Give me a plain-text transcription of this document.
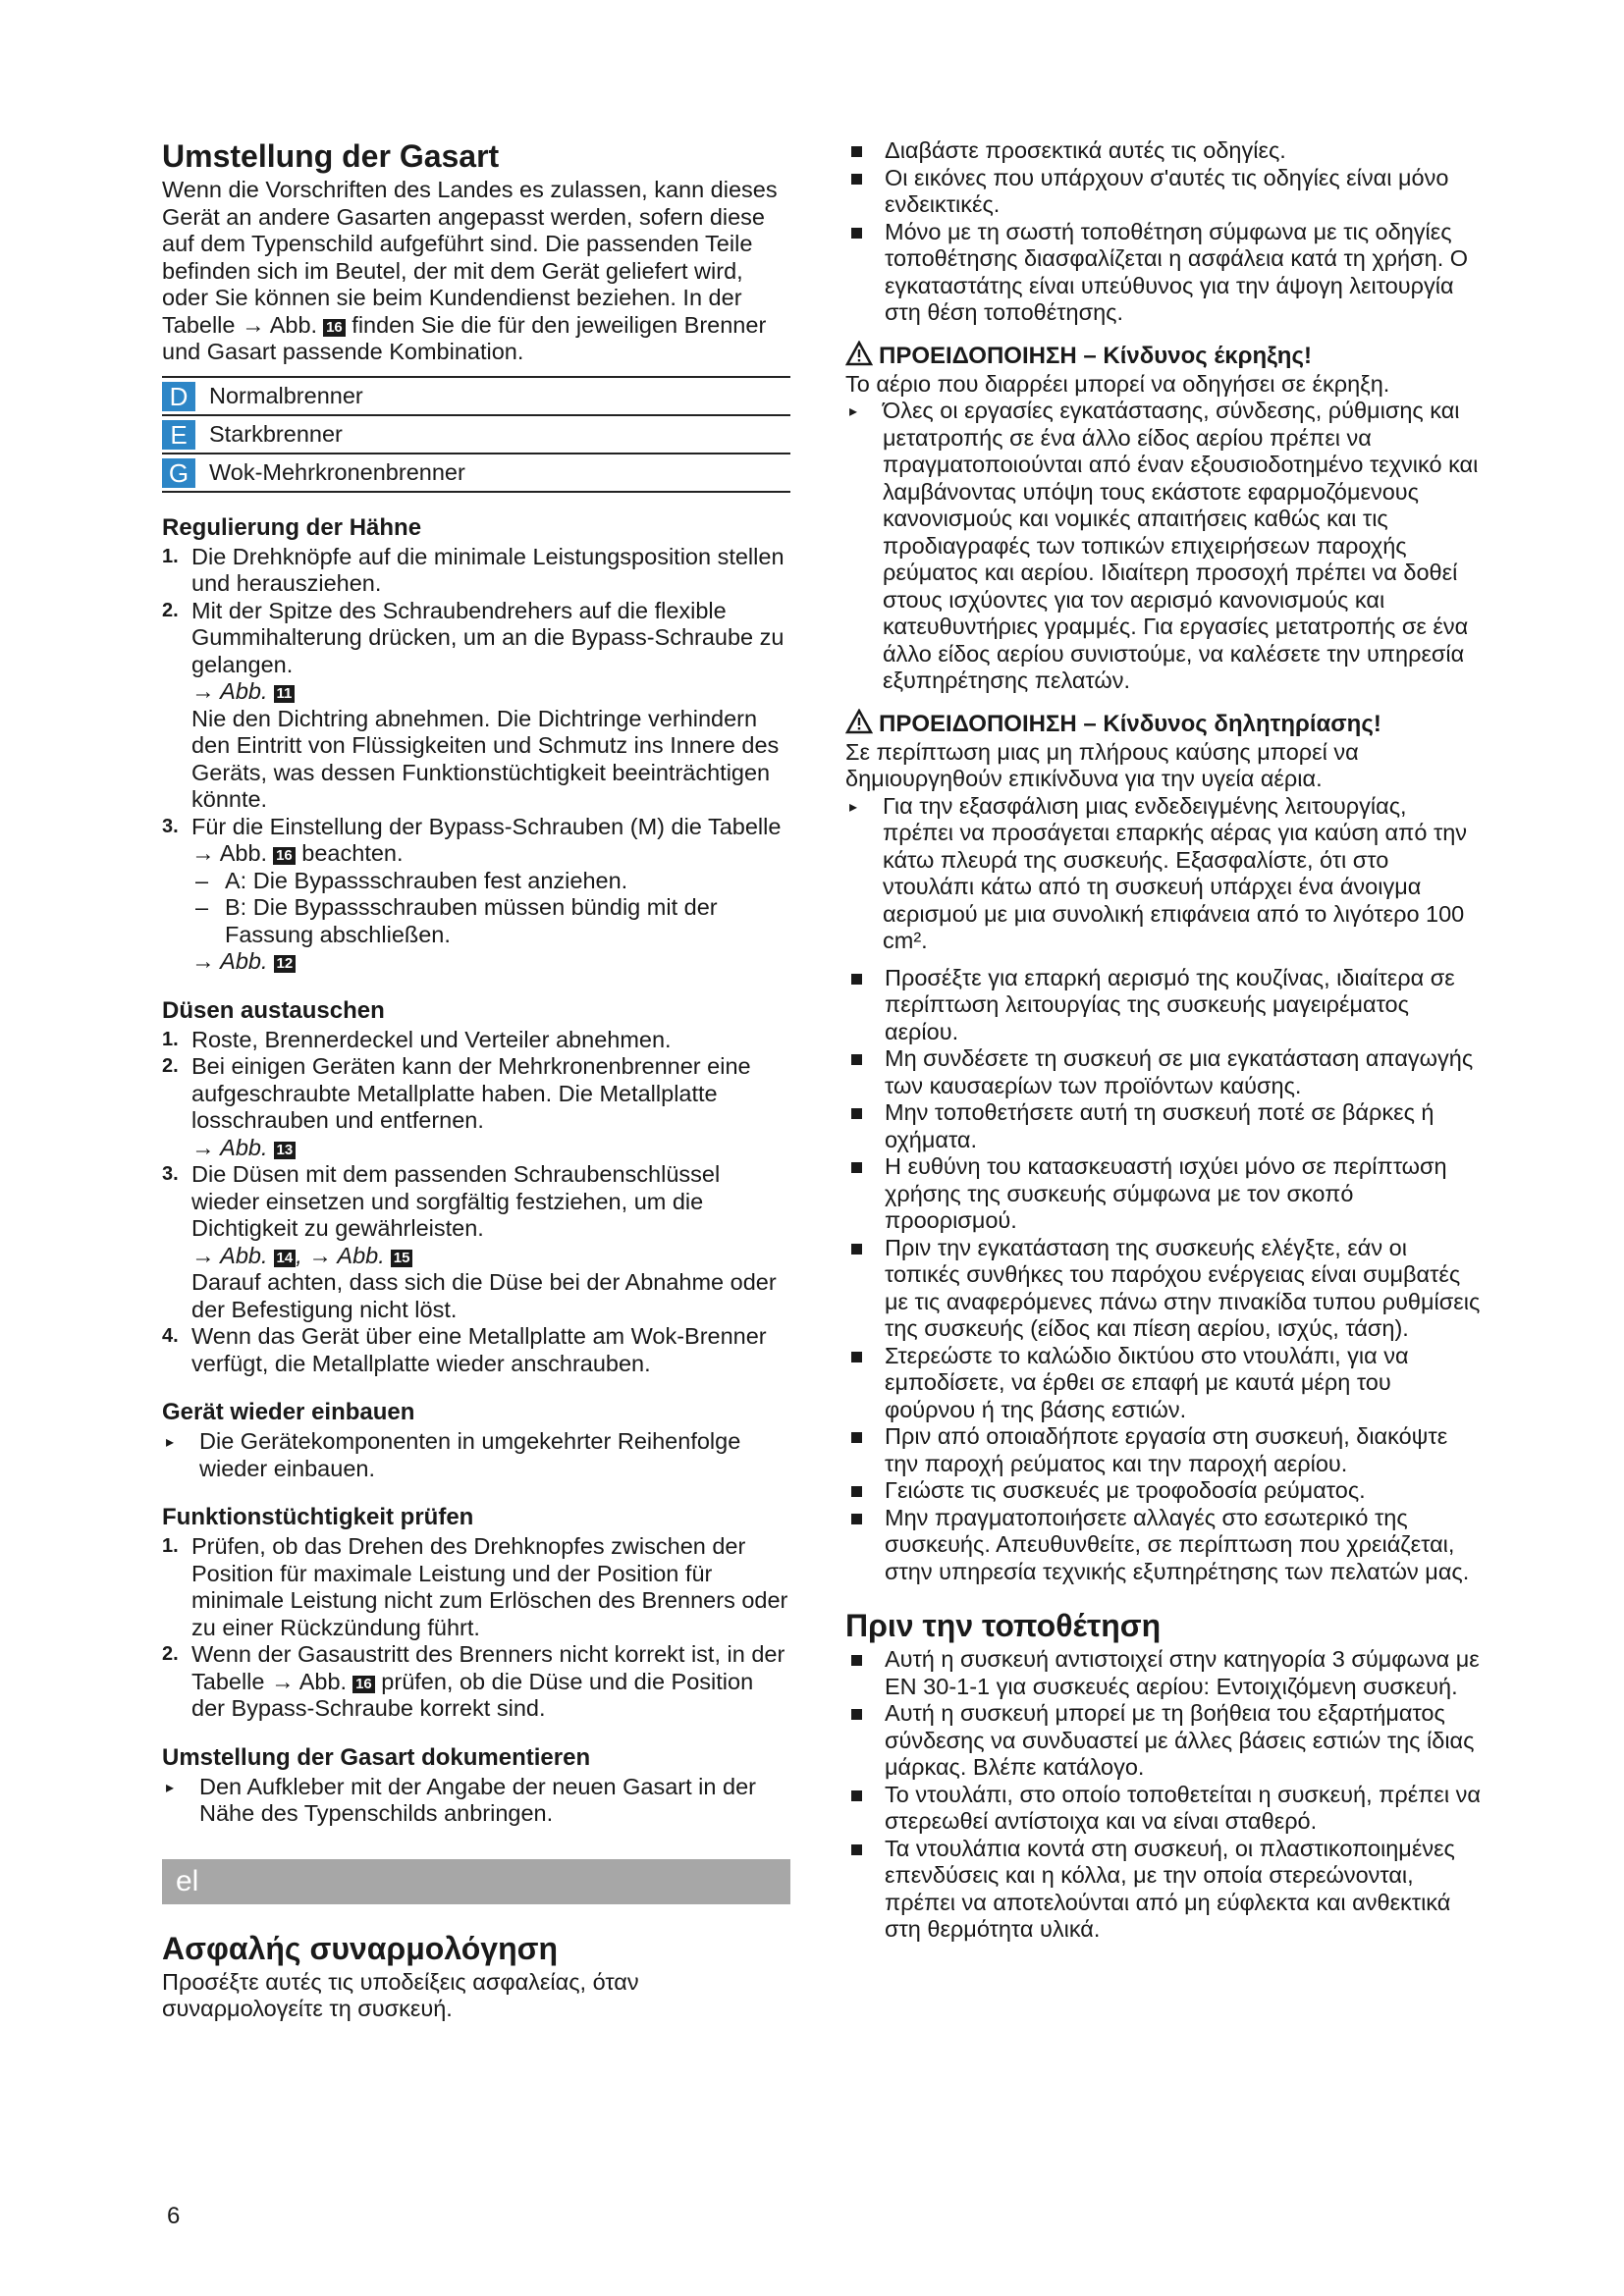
Umstellung der Gasart

Wenn die Vorschriften des Landes es zulassen, kann dieses Gerät an andere Gasarten angepasst werden, sofern diese auf dem Typenschild aufgeführt sind. Die passenden Teile befinden sich im Beutel, der mit dem Gerät geliefert wird, oder Sie können sie beim Kundendienst beziehen. In der Tabelle → Abb. 16 finden Sie die für den jeweiligen Brenner und Gasart passende Kombination.

D Normalbrenner
E Starkbrenner
G Wok-Mehrkronenbrenner
Regulierung der Hähne
1. Die Drehknöpfe auf die minimale Leistungsposition stellen und herausziehen.
2. Mit der Spitze des Schraubendrehers auf die flexible Gummihalterung drücken, um an die Bypass-Schraube zu gelangen.
→ Abb. 11
Nie den Dichtring abnehmen. Die Dichtringe verhindern den Eintritt von Flüssigkeiten und Schmutz ins Innere des Geräts, was dessen Funktionstüchtigkeit beeinträchtigen könnte.
3. Für die Einstellung der Bypass-Schrauben (M) die Tabelle → Abb. 16 beachten.
– A: Die Bypassschrauben fest anziehen.
– B: Die Bypassschrauben müssen bündig mit der Fassung abschließen.
→ Abb. 12
Düsen austauschen
1. Roste, Brennerdeckel und Verteiler abnehmen.
2. Bei einigen Geräten kann der Mehrkronenbrenner eine aufgeschraubte Metallplatte haben. Die Metallplatte losschrauben und entfernen.
→ Abb. 13
3. Die Düsen mit dem passenden Schraubenschlüssel wieder einsetzen und sorgfältig festziehen, um die Dichtigkeit zu gewährleisten.
→ Abb. 14 , → Abb. 15
Darauf achten, dass sich die Düse bei der Abnahme oder der Befestigung nicht löst.
4. Wenn das Gerät über eine Metallplatte am Wok-Brenner verfügt, die Metallplatte wieder anschrauben.
Gerät wieder einbauen
▸ Die Gerätekomponenten in umgekehrter Reihenfolge wieder einbauen.
Funktionstüchtigkeit prüfen
1. Prüfen, ob das Drehen des Drehknopfes zwischen der Position für maximale Leistung und der Position für minimale Leistung nicht zum Erlöschen des Brenners oder zu einer Rückzündung führt.
2. Wenn der Gasaustritt des Brenners nicht korrekt ist, in der Tabelle → Abb. 16 prüfen, ob die Düse und die Position der Bypass-Schraube korrekt sind.
Umstellung der Gasart dokumentieren
▸ Den Aufkleber mit der Angabe der neuen Gasart in der Nähe des Typenschilds anbringen.
el
Ασφαλής συναρμολόγηση

Προσέξτε αυτές τις υποδείξεις ασφαλείας, όταν συναρμολογείτε τη συσκευή.

Διαβάστε προσεκτικά αυτές τις οδηγίες.
Οι εικόνες που υπάρχουν σ'αυτές τις οδηγίες είναι μόνο ενδεικτικές.
Μόνο με τη σωστή τοποθέτηση σύμφωνα με τις οδηγίες τοποθέτησης διασφαλίζεται η ασφάλεια κατά τη χρήση. Ο εγκαταστάτης είναι υπεύθυνος για την άψογη λειτουργία στη θέση τοποθέτησης.
ΠΡΟΕΙΔΟΠΟΙΗΣΗ – Κίνδυνος έκρηξης!

Το αέριο που διαρρέει μπορεί να οδηγήσει σε έκρηξη.

▸ Όλες οι εργασίες εγκατάστασης, σύνδεσης, ρύθμισης και μετατροπής σε ένα άλλο είδος αερίου πρέπει να πραγματοποιούνται από έναν εξουσιοδοτημένο τεχνικό και λαμβάνοντας υπόψη τους εκάστοτε εφαρμοζόμενους κανονισμούς και νομικές απαιτήσεις καθώς και τις προδιαγραφές των τοπικών επιχειρήσεων παροχής ρεύματος και αερίου. Ιδιαίτερη προσοχή πρέπει να δοθεί στους ισχύοντες για τον αερισμό κανονισμούς και κατευθυντήριες γραμμές. Για εργασίες μετατροπής σε ένα άλλο είδος αερίου συνιστούμε, να καλέσετε την υπηρεσία εξυπηρέτησης πελατών.
ΠΡΟΕΙΔΟΠΟΙΗΣΗ – Κίνδυνος δηλητηρίασης!

Σε περίπτωση μιας μη πλήρους καύσης μπορεί να δημιουργηθούν επικίνδυνα για την υγεία αέρια.

▸ Για την εξασφάλιση μιας ενδεδειγμένης λειτουργίας, πρέπει να προσάγεται επαρκής αέρας για καύση από την κάτω πλευρά της συσκευής. Εξασφαλίστε, ότι στο ντουλάπι κάτω από τη συσκευή υπάρχει ένα άνοιγμα αερισμού με μια συνολική επιφάνεια από το λιγότερο 100 cm².
Προσέξτε για επαρκή αερισμό της κουζίνας, ιδιαίτερα σε περίπτωση λειτουργίας της συσκευής μαγειρέματος αερίου.
Μη συνδέσετε τη συσκευή σε μια εγκατάσταση απαγωγής των καυσαερίων των προϊόντων καύσης.
Μην τοποθετήσετε αυτή τη συσκευή ποτέ σε βάρκες ή οχήματα.
Η ευθύνη του κατασκευαστή ισχύει μόνο σε περίπτωση χρήσης της συσκευής σύμφωνα με τον σκοπό προορισμού.
Πριν την εγκατάσταση της συσκευής ελέγξτε, εάν οι τοπικές συνθήκες του παρόχου ενέργειας είναι συμβατές με τις αναφερόμενες πάνω στην πινακίδα τυπου ρυθμίσεις της συσκευής (είδος και πίεση αερίου, ισχύς, τάση).
Στερεώστε το καλώδιο δικτύου στο ντουλάπι, για να εμποδίσετε, να έρθει σε επαφή με καυτά μέρη του φούρνου ή της βάσης εστιών.
Πριν από οποιαδήποτε εργασία στη συσκευή, διακόψτε την παροχή ρεύματος και την παροχή αερίου.
Γειώστε τις συσκευές με τροφοδοσία ρεύματος.
Μην πραγματοποιήσετε αλλαγές στο εσωτερικό της συσκευής. Απευθυνθείτε, σε περίπτωση που χρειάζεται, στην υπηρεσία τεχνικής εξυπηρέτησης των πελατών μας.
Πριν την τοποθέτηση
Αυτή η συσκευή αντιστοιχεί στην κατηγορία 3 σύμφωνα με EN 30-1-1 για συσκευές αερίου: Εντοιχιζόμενη συσκευή.
Αυτή η συσκευή μπορεί με τη βοήθεια του εξαρτήματος σύνδεσης να συνδυαστεί με άλλες βάσεις εστιών της ίδιας μάρκας. Βλέπε κατάλογο.
Το ντουλάπι, στο οποίο τοποθετείται η συσκευή, πρέπει να στερεωθεί αντίστοιχα και να είναι σταθερό.
Τα ντουλάπια κοντά στη συσκευή, οι πλαστικοποιημένες επενδύσεις και η κόλλα, με την οποία στερεώνονται, πρέπει να αποτελούνται από μη εύφλεκτα και ανθεκτικά στη θερμότητα υλικά.
6
